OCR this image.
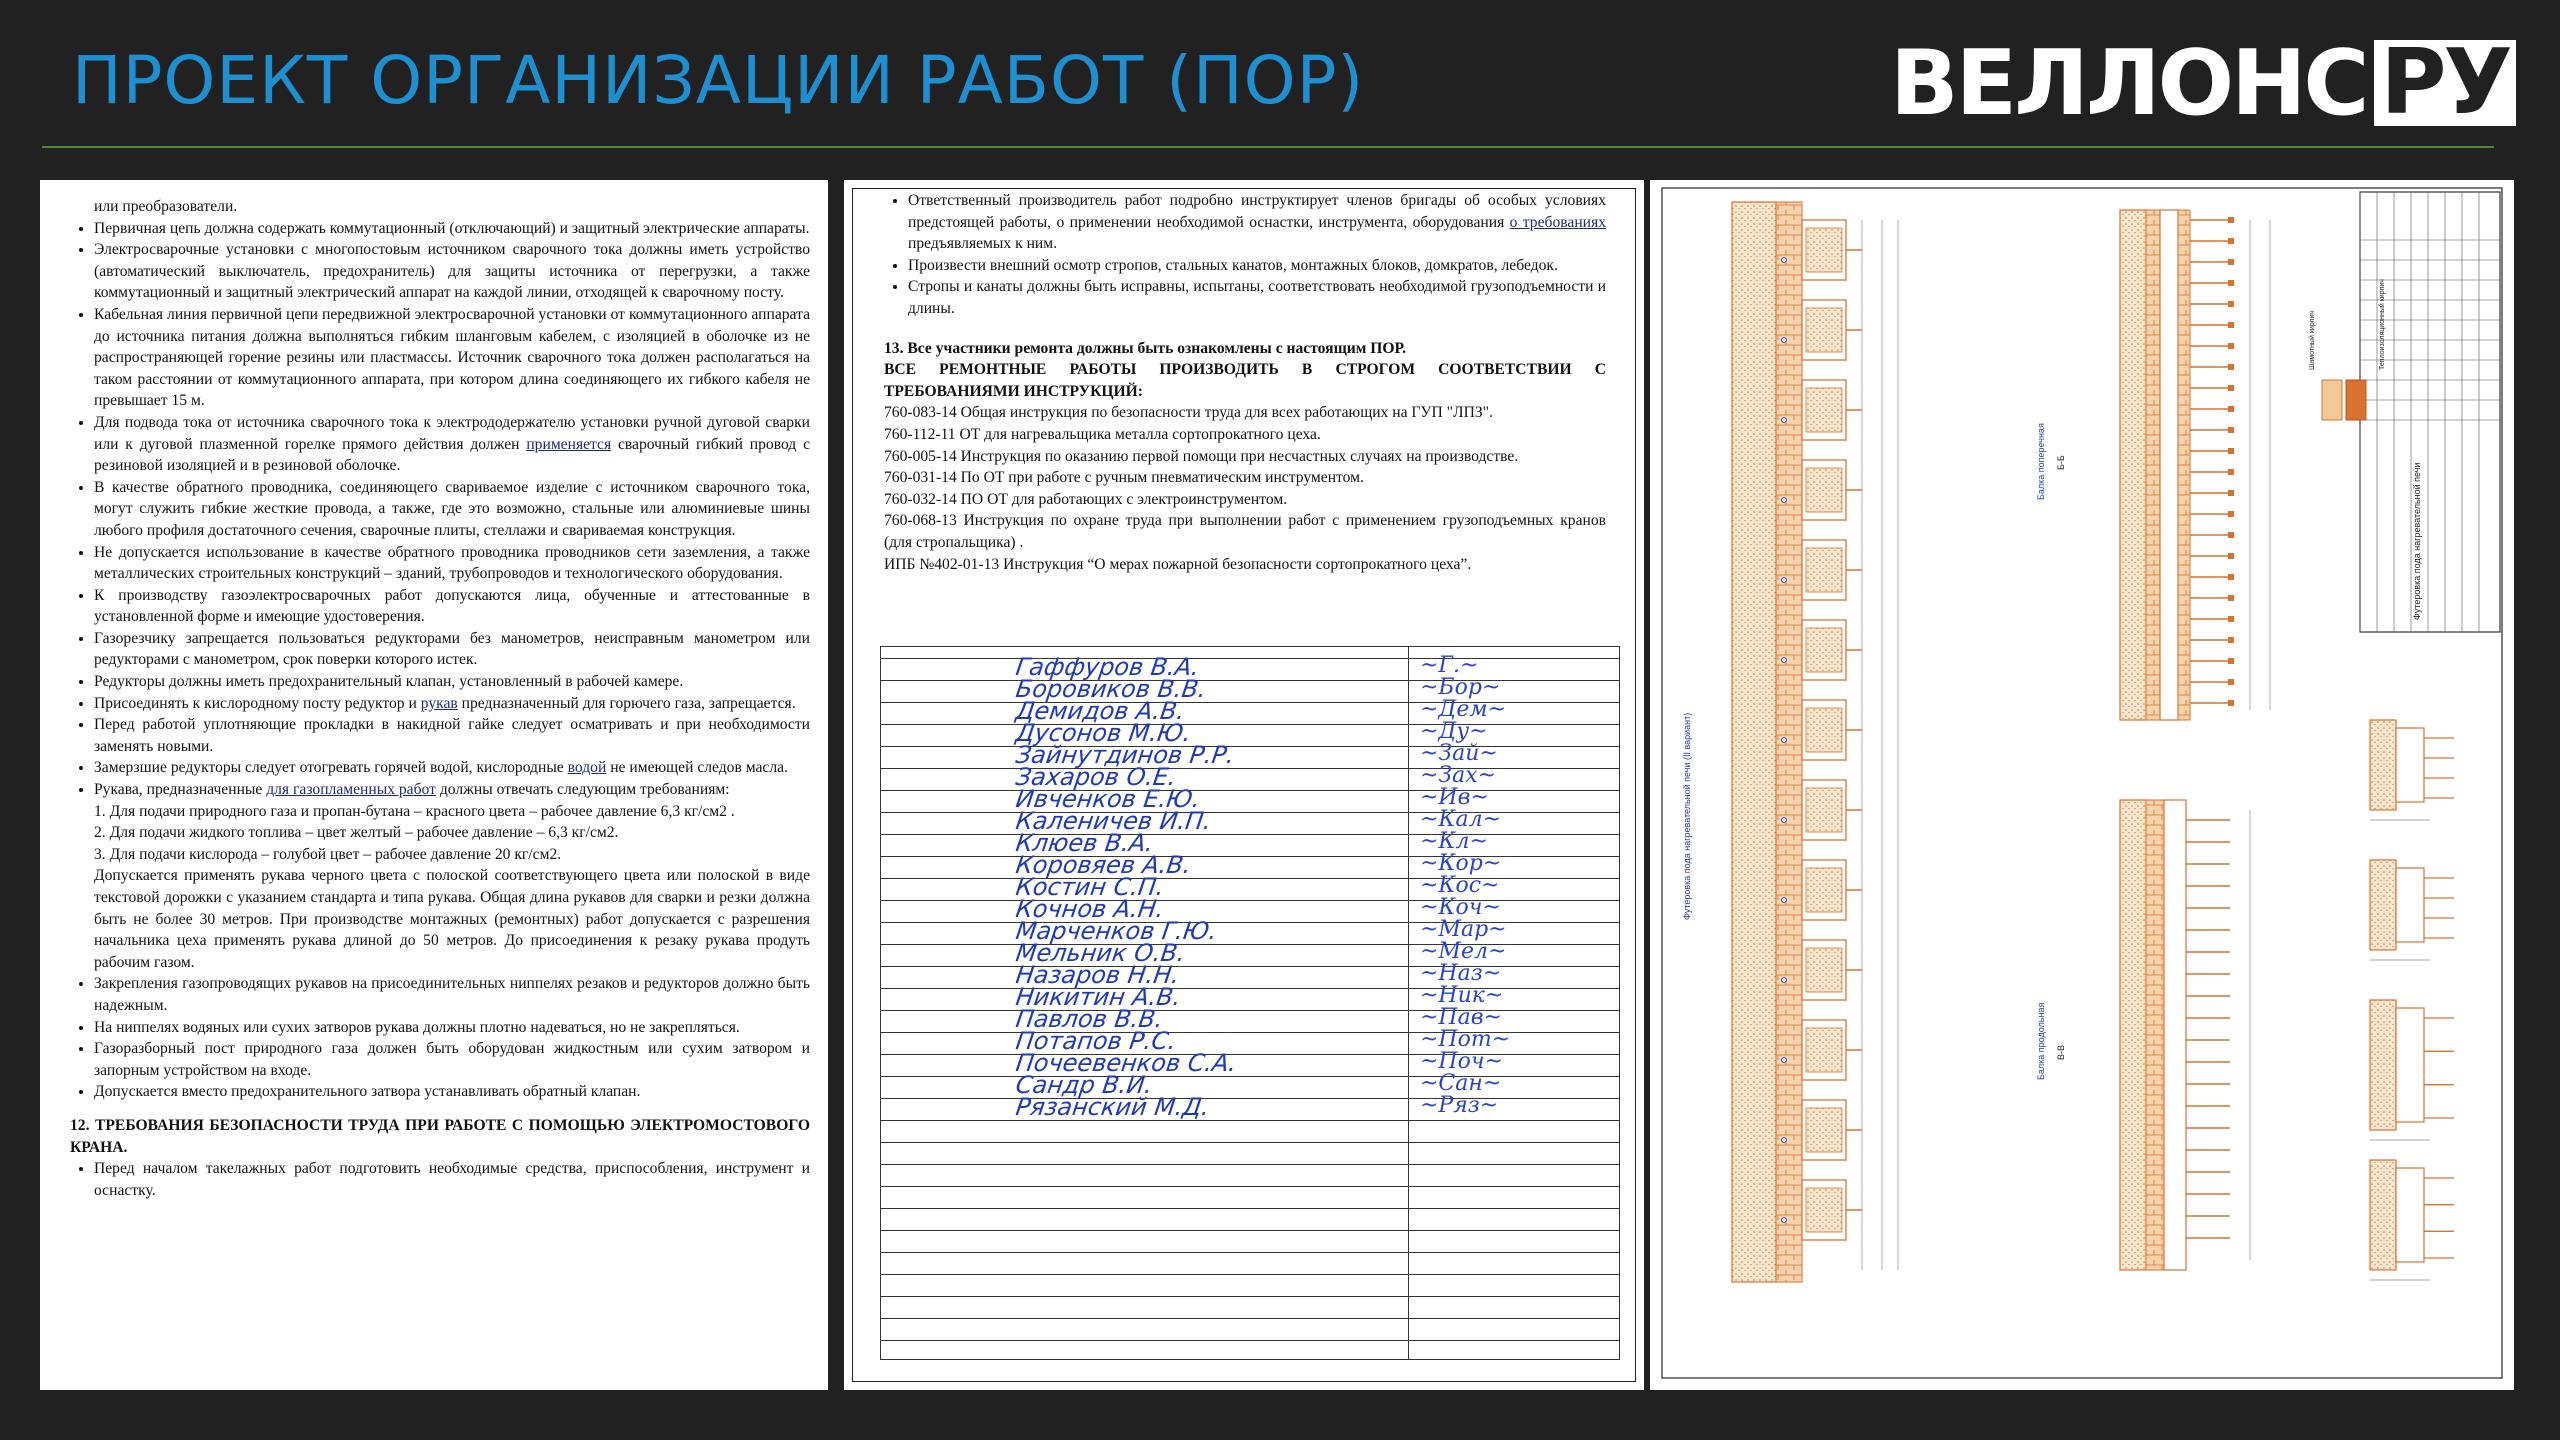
ПРОЕКТ ОРГАНИЗАЦИИ РАБОТ (ПОР)	ВЕЛЛОНС РУ
или преобразователи.
• Первичная цепь должна содержать коммутационный (отключающий) и защитный электрические аппараты.
• Электросварочные установки с многопостовым источником сварочного тока должны иметь устройство (автоматический выключатель, предохранитель) для защиты источника от перегрузки, а также коммутационный и защитный электрический аппарат на каждой линии, отходящей к сварочному посту.
• Кабельная линия первичной цепи передвижной электросварочной установки от коммутационного аппарата до источника питания должна выполняться гибким шланговым кабелем, с изоляцией в оболочке из не распространяющей горение резины или пластмассы. Источник сварочного тока должен располагаться на таком расстоянии от коммутационного аппарата, при котором длина соединяющего их гибкого кабеля не превышает 15 м.
• Для подвода тока от источника сварочного тока к электрододержателю установки ручной дуговой сварки или к дуговой плазменной горелке прямого действия должен применяется сварочный гибкий провод с резиновой изоляцией и в резиновой оболочке.
• В качестве обратного проводника, соединяющего свариваемое изделие с источником сварочного тока, могут служить гибкие жесткие провода, а также, где это возможно, стальные или алюминиевые шины любого профиля достаточного сечения, сварочные плиты, стеллажи и свариваемая конструкция.
• Не допускается использование в качестве обратного проводника проводников сети заземления, а также металлических строительных конструкций – зданий, трубопроводов и технологического оборудования.
• К производству газоэлектросварочных работ допускаются лица, обученные и аттестованные в установленной форме и имеющие удостоверения.
• Газорезчику запрещается пользоваться редукторами без манометров, неисправным манометром или редукторами с манометром, срок поверки которого истек.
• Редукторы должны иметь предохранительный клапан, установленный в рабочей камере.
• Присоединять к кислородному посту редуктор и рукав предназначенный для горючего газа, запрещается.
• Перед работой уплотняющие прокладки в накидной гайке следует осматривать и при необходимости заменять новыми.
• Замерзшие редукторы следует отогревать горячей водой, кислородные водой не имеющей следов масла.
• Рукава, предназначенные для газопламенных работ должны отвечать следующим требованиям:
1. Для подачи природного газа и пропан-бутана – красного цвета – рабочее давление 6,3 кг/см2 .
2. Для подачи жидкого топлива – цвет желтый – рабочее давление – 6,3 кг/см2.
3. Для подачи кислорода – голубой цвет – рабочее давление 20 кг/см2.
Допускается применять рукава черного цвета с полоской соответствующего цвета или полоской в виде текстовой дорожки с указанием стандарта и типа рукава. Общая длина рукавов для сварки и резки должна быть не более 30 метров. При производстве монтажных (ремонтных) работ допускается с разрешения начальника цеха применять рукава длиной до 50 метров. До присоединения к резаку рукава продуть рабочим газом.
• Закрепления газопроводящих рукавов на присоединительных ниппелях резаков и редукторов должно быть надежным.
• На ниппелях водяных или сухих затворов рукава должны плотно надеваться, но не закрепляться.
• Газоразборный пост природного газа должен быть оборудован жидкостным или сухим затвором и запорным устройством на входе.
• Допускается вместо предохранительного затвора устанавливать обратный клапан.
12. ТРЕБОВАНИЯ БЕЗОПАСНОСТИ ТРУДА ПРИ РАБОТЕ С ПОМОЩЬЮ ЭЛЕКТРОМОСТОВОГО КРАНА.
• Перед началом такелажных работ подготовить необходимые средства, приспособления, инструмент и оснастку.
• Ответственный производитель работ подробно инструктирует членов бригады об особых условиях предстоящей работы, о применении необходимой оснастки, инструмента, оборудования о требованиях предъявляемых к ним.
• Произвести внешний осмотр стропов, стальных канатов, монтажных блоков, домкратов, лебедок.
• Стропы и канаты должны быть исправны, испытаны, соответствовать необходимой грузоподъемности и длины.
13. Все участники ремонта должны быть ознакомлены с настоящим ПОР.
ВСЕ РЕМОНТНЫЕ РАБОТЫ ПРОИЗВОДИТЬ В СТРОГОМ СООТВЕТСТВИИ С ТРЕБОВАНИЯМИ ИНСТРУКЦИЙ:
760-083-14 Общая инструкция по безопасности труда для всех работающих на ГУП "ЛПЗ".
760-112-11 ОТ для нагревальщика металла сортопрокатного цеха.
760-005-14 Инструкция по оказанию первой помощи при несчастных случаях на производстве.
760-031-14 По ОТ при работе с ручным пневматическим инструментом.
760-032-14 ПО ОТ для работающих с электроинструментом.
760-068-13 Инструкция по охране труда при выполнении работ с применением грузоподъемных кранов (для стропальщика) .
ИПБ №402-01-13 Инструкция “О мерах пожарной безопасности сортопрокатного цеха”.
Гаффуров В.А.	~Г.~
Боровиков В.В.	~Бор~
Демидов А.В.	~Дем~
Дусонов М.Ю.	~Ду~
Зайнутдинов Р.Р.	~Зай~
Захаров О.Е.	~Зах~
Ивченков Е.Ю.	~Ив~
Каленичев И.П.	~Кал~
Клюев В.А.	~Кл~
Коровяев А.В.	~Кор~
Костин С.П.	~Кос~
Кочнов А.Н.	~Коч~
Марченков Г.Ю.	~Мар~
Мельник О.В.	~Мел~
Назаров Н.Н.	~Наз~
Никитин А.В.	~Ник~
Павлов В.В.	~Пав~
Потапов Р.С.	~Пот~
Почеевенков С.А.	~Поч~
Сандр В.И.	~Сан~
Рязанский М.Д.	~Ряз~
Футеровка пода нагревательной печи (II вариант)
Балка поперечная
Балка продольная
Б-Б
В-В
Футеровка пода нагревательной печи
Шамотный кирпич	Теплоизоляционный кирпич
